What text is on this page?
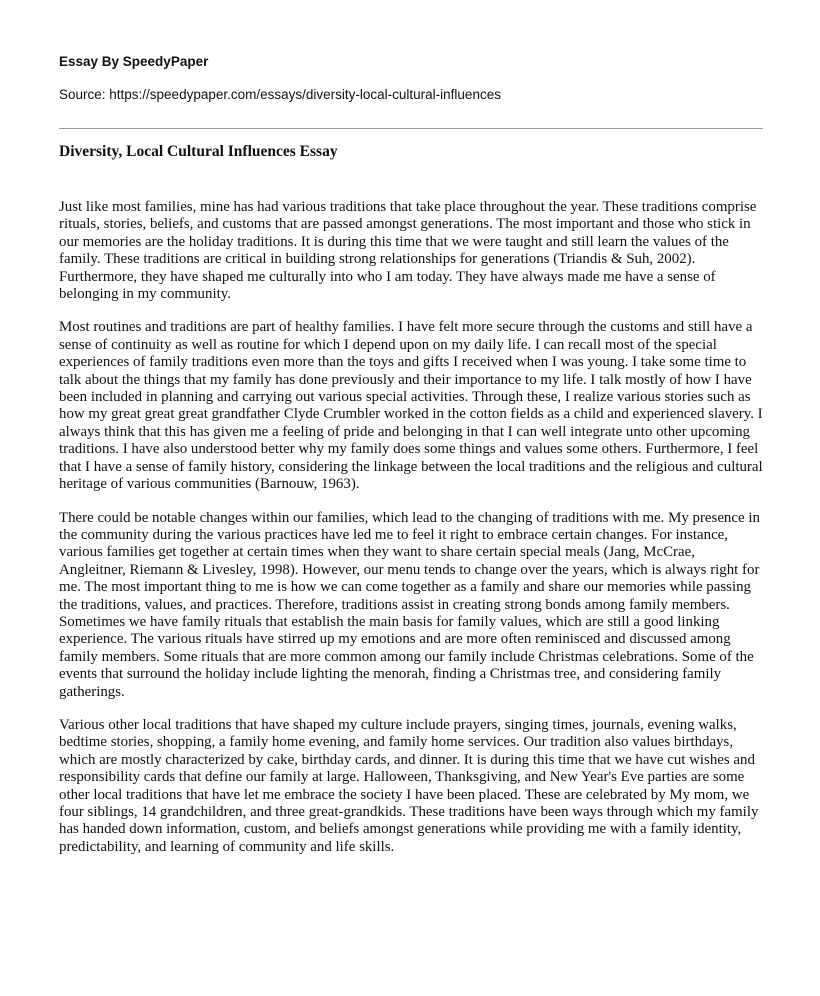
Essay By SpeedyPaper
Source: https://speedypaper.com/essays/diversity-local-cultural-influences
Diversity, Local Cultural Influences Essay

Just like most families, mine has had various traditions that take place throughout the year. These traditions comprise rituals, stories, beliefs, and customs that are passed amongst generations. The most important and those who stick in our memories are the holiday traditions. It is during this time that we were taught and still learn the values of the family. These traditions are critical in building strong relationships for generations (Triandis & Suh, 2002). Furthermore, they have shaped me culturally into who I am today. They have always made me have a sense of belonging in my community.

Most routines and traditions are part of healthy families. I have felt more secure through the customs and still have a sense of continuity as well as routine for which I depend upon on my daily life. I can recall most of the special experiences of family traditions even more than the toys and gifts I received when I was young. I take some time to talk about the things that my family has done previously and their importance to my life. I talk mostly of how I have been included in planning and carrying out various special activities. Through these, I realize various stories such as how my great great great grandfather Clyde Crumbler worked in the cotton fields as a child and experienced slavery. I always think that this has given me a feeling of pride and belonging in that I can well integrate unto other upcoming traditions. I have also understood better why my family does some things and values some others. Furthermore, I feel that I have a sense of family history, considering the linkage between the local traditions and the religious and cultural heritage of various communities (Barnouw, 1963).

There could be notable changes within our families, which lead to the changing of traditions with me. My presence in the community during the various practices have led me to feel it right to embrace certain changes. For instance, various families get together at certain times when they want to share certain special meals (Jang, McCrae, Angleitner, Riemann & Livesley, 1998). However, our menu tends to change over the years, which is always right for me. The most important thing to me is how we can come together as a family and share our memories while passing the traditions, values, and practices. Therefore, traditions assist in creating strong bonds among family members. Sometimes we have family rituals that establish the main basis for family values, which are still a good linking experience. The various rituals have stirred up my emotions and are more often reminisced and discussed among family members. Some rituals that are more common among our family include Christmas celebrations. Some of the events that surround the holiday include lighting the menorah, finding a Christmas tree, and considering family gatherings.

Various other local traditions that have shaped my culture include prayers, singing times, journals, evening walks, bedtime stories, shopping, a family home evening, and family home services. Our tradition also values birthdays, which are mostly characterized by cake, birthday cards, and dinner. It is during this time that we have cut wishes and responsibility cards that define our family at large. Halloween, Thanksgiving, and New Year's Eve parties are some other local traditions that have let me embrace the society I have been placed. These are celebrated by My mom, we four siblings, 14 grandchildren, and three great-grandkids. These traditions have been ways through which my family has handed down information, custom, and beliefs amongst generations while providing me with a family identity, predictability, and learning of community and life skills.
